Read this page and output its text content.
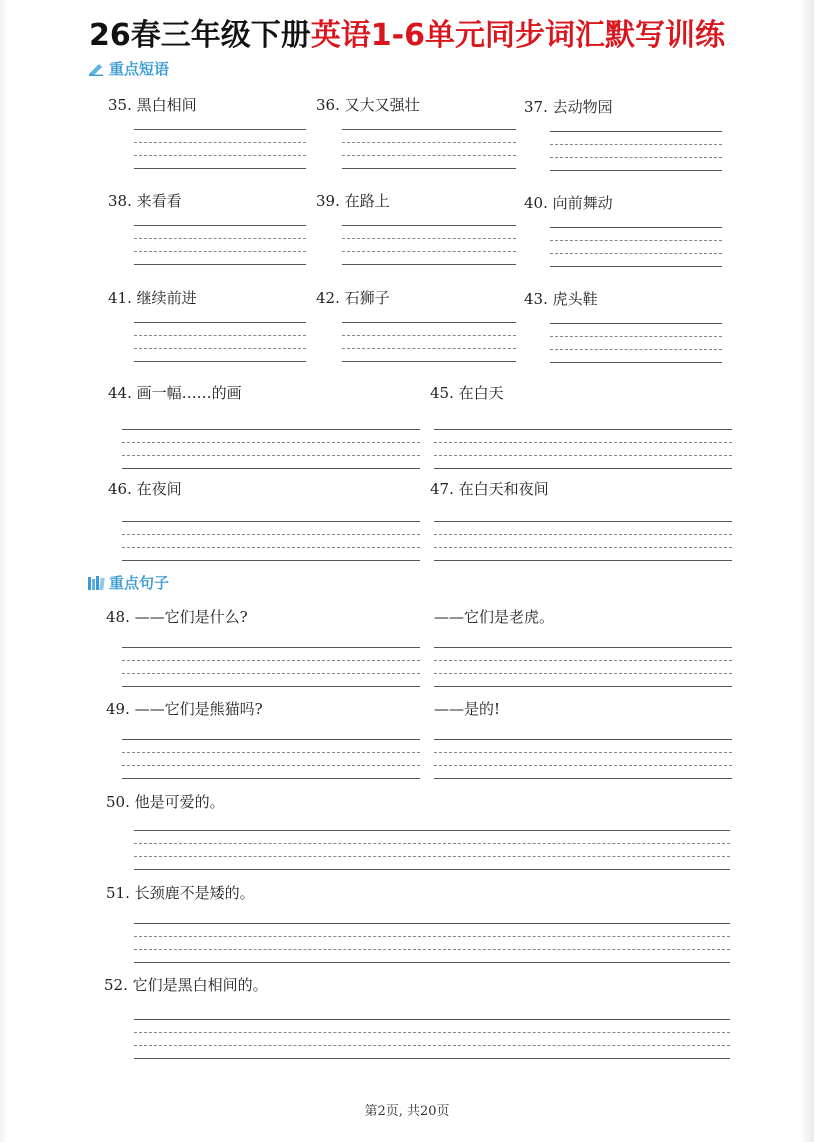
26春三年级下册英语1-6单元同步词汇默写训练
重点短语
35. 黑白相间	36. 又大又强壮	37. 去动物园
38. 来看看	39. 在路上	40. 向前舞动
41. 继续前进	42. 石狮子	43. 虎头鞋
44. 画一幅……的画	45. 在白天
46. 在夜间	47. 在白天和夜间
重点句子
48. ——它们是什么?	——它们是老虎。
49. ——它们是熊猫吗?	——是的!
50. 他是可爱的。
51. 长颈鹿不是矮的。
52. 它们是黑白相间的。
第2页, 共20页
